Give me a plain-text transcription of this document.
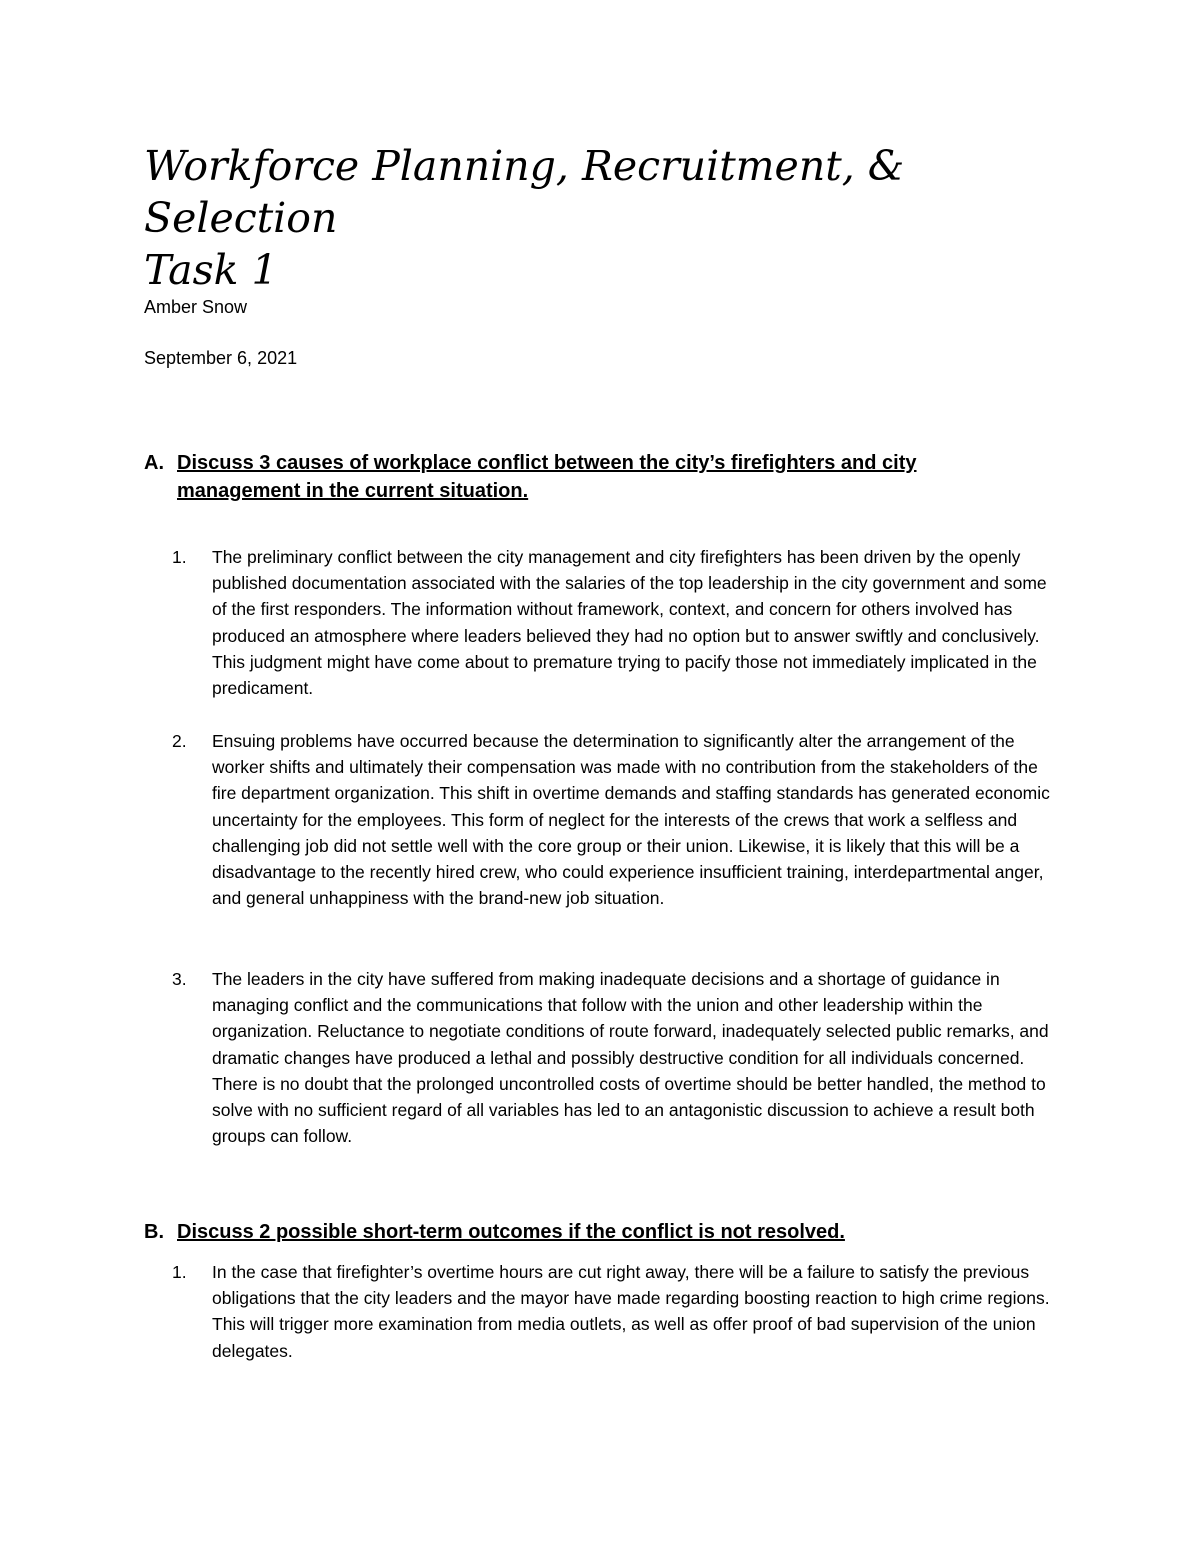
Workforce Planning, Recruitment, & Selection
Task 1
Amber Snow
September 6, 2021
A. Discuss 3 causes of workplace conflict between the city’s firefighters and city management in the current situation.
1. The preliminary conflict between the city management and city firefighters has been driven by the openly published documentation associated with the salaries of the top leadership in the city government and some of the first responders. The information without framework, context, and concern for others involved has produced an atmosphere where leaders believed they had no option but to answer swiftly and conclusively. This judgment might have come about to premature trying to pacify those not immediately implicated in the predicament.
2. Ensuing problems have occurred because the determination to significantly alter the arrangement of the worker shifts and ultimately their compensation was made with no contribution from the stakeholders of the fire department organization. This shift in overtime demands and staffing standards has generated economic uncertainty for the employees. This form of neglect for the interests of the crews that work a selfless and challenging job did not settle well with the core group or their union. Likewise, it is likely that this will be a disadvantage to the recently hired crew, who could experience insufficient training, interdepartmental anger, and general unhappiness with the brand-new job situation.
3. The leaders in the city have suffered from making inadequate decisions and a shortage of guidance in managing conflict and the communications that follow with the union and other leadership within the organization. Reluctance to negotiate conditions of route forward, inadequately selected public remarks, and dramatic changes have produced a lethal and possibly destructive condition for all individuals concerned. There is no doubt that the prolonged uncontrolled costs of overtime should be better handled, the method to solve with no sufficient regard of all variables has led to an antagonistic discussion to achieve a result both groups can follow.
B. Discuss 2 possible short-term outcomes if the conflict is not resolved.
1. In the case that firefighter’s overtime hours are cut right away, there will be a failure to satisfy the previous obligations that the city leaders and the mayor have made regarding boosting reaction to high crime regions. This will trigger more examination from media outlets, as well as offer proof of bad supervision of the union delegates.
